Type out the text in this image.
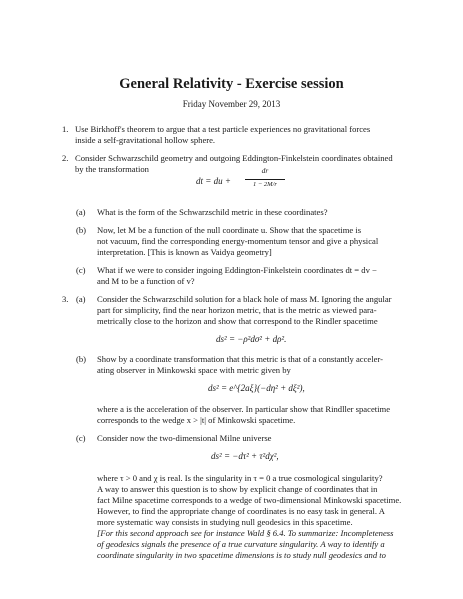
General Relativity - Exercise session
Friday November 29, 2013
1. Use Birkhoff's theorem to argue that a test particle experiences no gravitational forces
inside a self-gravitational hollow sphere.
2. Consider Schwarzschild geometry and outgoing Eddington-Finkelstein coordinates obtained
by the transformation
dt = du +
dr
1 − 2M/r
(a) What is the form of the Schwarzschild metric in these coordinates?
(b) Now, let M be a function of the null coordinate u. Show that the spacetime is
not vacuum, find the corresponding energy-momentum tensor and give a physical
interpretation. [This is known as Vaidya geometry]
(c) What if we were to consider ingoing Eddington-Finkelstein coordinates dt = dv −
and M to be a function of v?
3. (a) Consider the Schwarzschild solution for a black hole of mass M. Ignoring the angular
part for simplicity, find the near horizon metric, that is the metric as viewed para-
metrically close to the horizon and show that correspond to the Rindler spacetime
ds² = −ρ²dσ² + dρ².
(b) Show by a coordinate transformation that this metric is that of a constantly acceler-
ating observer in Minkowski space with metric given by
ds² = e^{2aξ}(−dη² + dξ²),
where a is the acceleration of the observer. In particular show that Rindller spacetime
corresponds to the wedge x > |t| of Minkowski spacetime.
(c) Consider now the two-dimensional Milne universe
ds² = −dτ² + τ²dχ²,
where τ > 0 and χ is real. Is the singularity in τ = 0 a true cosmological singularity?
A way to answer this question is to show by explicit change of coordinates that in
fact Milne spacetime corresponds to a wedge of two-dimensional Minkowski spacetime.
However, to find the appropriate change of coordinates is no easy task in general. A
more systematic way consists in studying null geodesics in this spacetime.
[For this second approach see for instance Wald § 6.4. To summarize: Incompleteness
of geodesics signals the presence of a true curvature singularity. A way to identify a
coordinate singularity in two spacetime dimensions is to study null geodesics and to
